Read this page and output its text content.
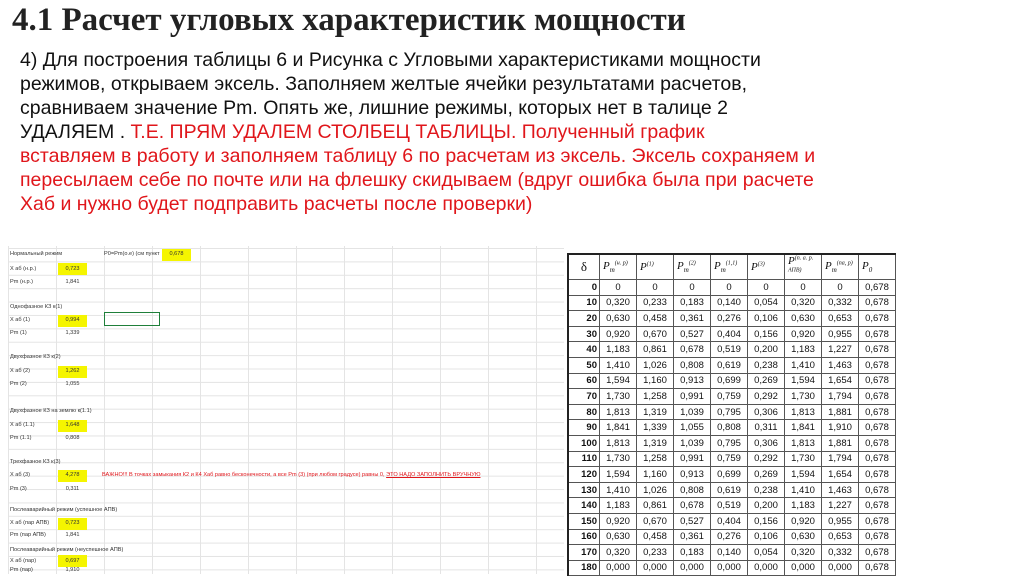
4.1 Расчет угловых характеристик мощности
4) Для построения таблицы 6 и Рисунка с Угловыми характеристиками мощности
режимов, открываем эксель. Заполняем желтые ячейки результатами расчетов,
сравниваем значение Pm. Опять же, лишние режимы, которых нет в талице 2
УДАЛЯЕМ . Т.Е. ПРЯМ УДАЛЕМ СТОЛБЕЦ ТАБЛИЦЫ. Полученный график
вставляем в работу и заполняем таблицу 6 по расчетам из эксель. Эксель сохраняем и
пересылаем себе по почте или на флешку скидываем (вдруг ошибка была при расчете
Хаб и нужно будет подправить расчеты после проверки)
Нормальный режим	P0=Pm(о.е) (см пункт	0,678
X аб (н.р.)	0,723
Pm (н.р.)	1,841
Однофазное КЗ к(1)
X аб (1)	0,994
Pm (1)	1,339
Двухфазное КЗ к(2)
X аб (2)	1,262
Pm (2)	1,055
Двухфазное КЗ на землю к(1.1)
X аб (1.1)	1,648
Pm (1.1)	0,808
Трехфазное КЗ к(3)
X аб (3)	4,278	ВАЖНО!!! В точках замыкания К2 и К4 Хаб равно бесконечности, а все Pm (3) (при любом градусе) равны 0, ЭТО НАДО ЗАПОЛНИТЬ ВРУЧНУЮ
Pm (3)	0,311
Послеаварийный режим (успешное АПВ)
X аб (пар АПВ)	0,723
Pm (пар АПВ)	1,841
Послеаварийный режим (неуспешное АПВ)
X аб (пар)	0,697
Pm (пар)	1,910
δ	$P_m^{(н. р)}$	$P^{(1)}$	$P_m^{(2)}$	$P_m^{(1,1)}$	$P^{(3)}$	$P^{(п. а. р. АПВ)}$	$P_m^{(па, р)}$	$P_0$
0	0	0	0	0	0	0	0	0,678
10	0,320	0,233	0,183	0,140	0,054	0,320	0,332	0,678
20	0,630	0,458	0,361	0,276	0,106	0,630	0,653	0,678
30	0,920	0,670	0,527	0,404	0,156	0,920	0,955	0,678
40	1,183	0,861	0,678	0,519	0,200	1,183	1,227	0,678
50	1,410	1,026	0,808	0,619	0,238	1,410	1,463	0,678
60	1,594	1,160	0,913	0,699	0,269	1,594	1,654	0,678
70	1,730	1,258	0,991	0,759	0,292	1,730	1,794	0,678
80	1,813	1,319	1,039	0,795	0,306	1,813	1,881	0,678
90	1,841	1,339	1,055	0,808	0,311	1,841	1,910	0,678
100	1,813	1,319	1,039	0,795	0,306	1,813	1,881	0,678
110	1,730	1,258	0,991	0,759	0,292	1,730	1,794	0,678
120	1,594	1,160	0,913	0,699	0,269	1,594	1,654	0,678
130	1,410	1,026	0,808	0,619	0,238	1,410	1,463	0,678
140	1,183	0,861	0,678	0,519	0,200	1,183	1,227	0,678
150	0,920	0,670	0,527	0,404	0,156	0,920	0,955	0,678
160	0,630	0,458	0,361	0,276	0,106	0,630	0,653	0,678
170	0,320	0,233	0,183	0,140	0,054	0,320	0,332	0,678
180	0,000	0,000	0,000	0,000	0,000	0,000	0,000	0,678
